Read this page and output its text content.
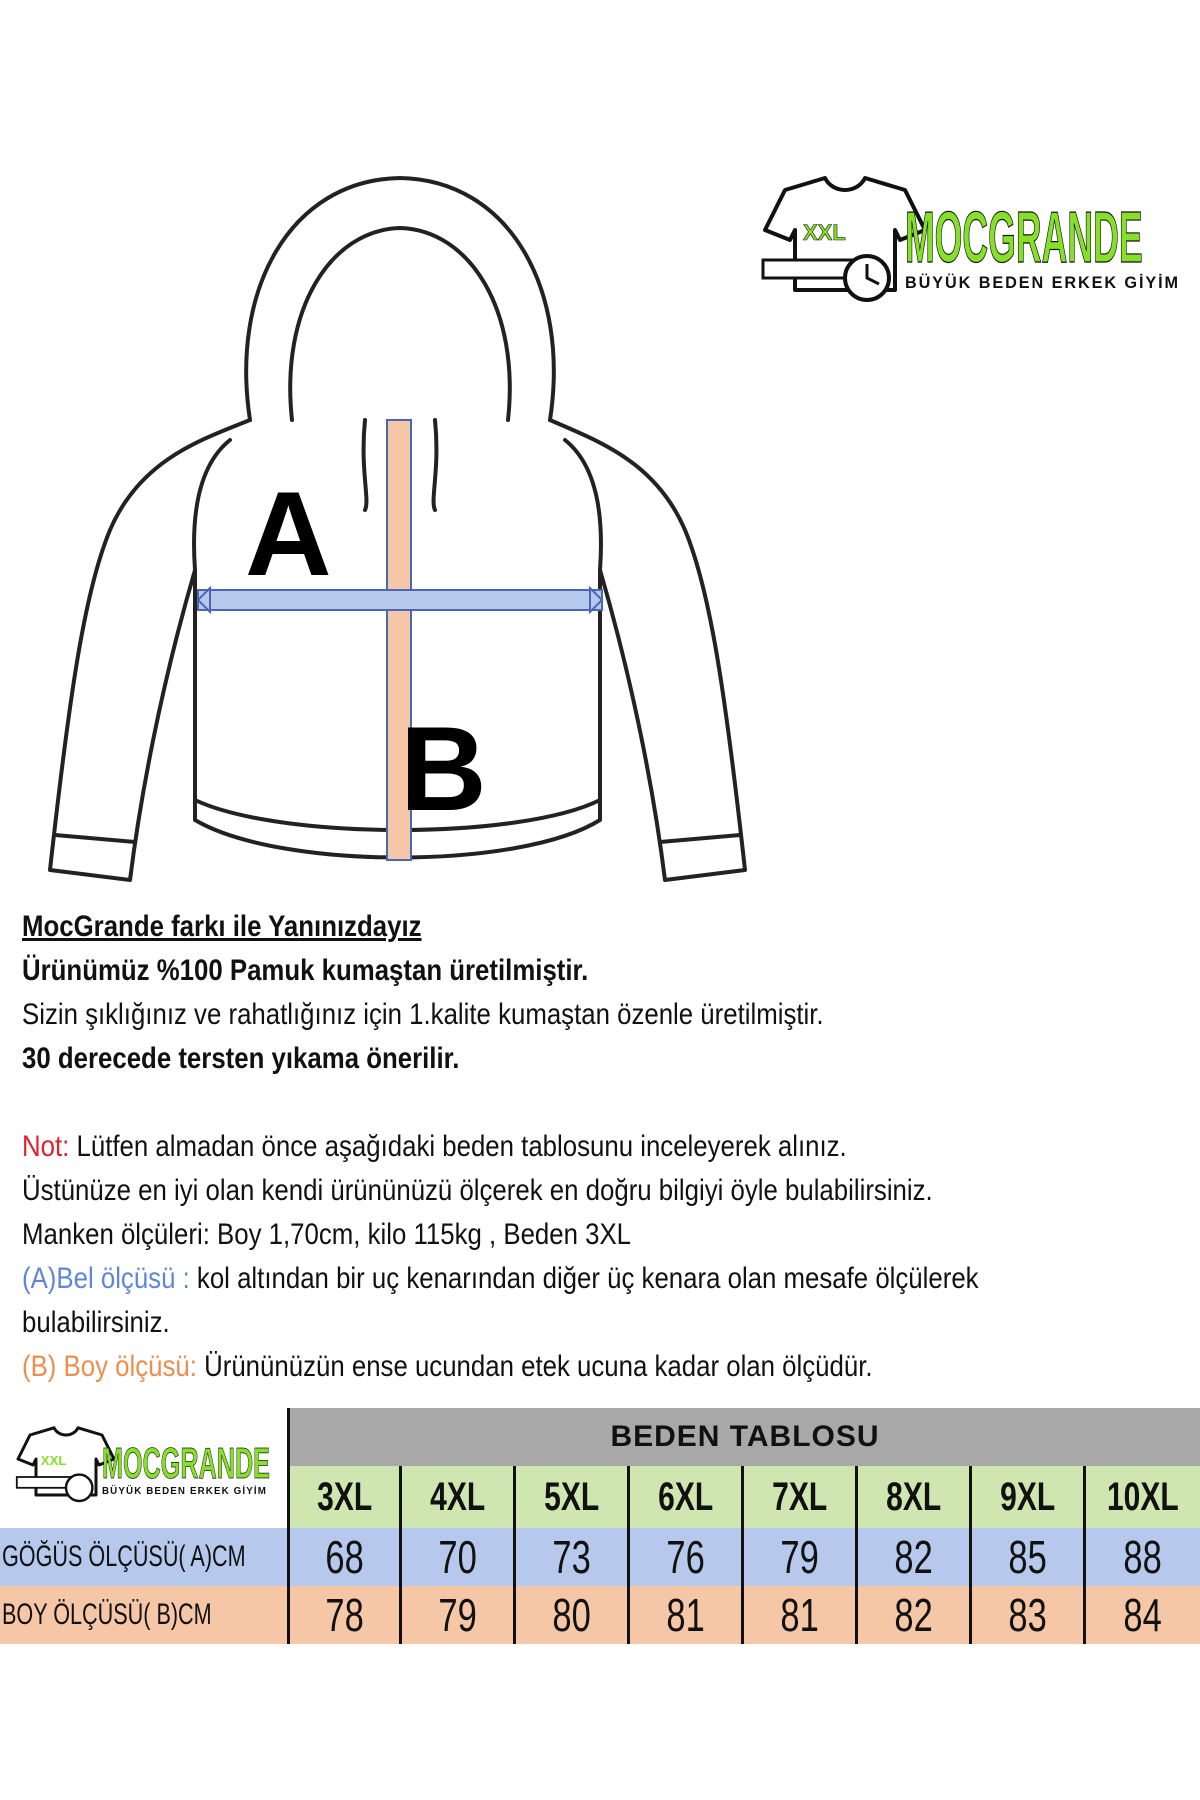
A
B
XXL MOCGRANDE
BÜYÜK BEDEN ERKEK GİYİM

MocGrande farkı ile Yanınızdayız

Ürünümüz %100 Pamuk kumaştan üretilmiştir.

Sizin şıklığınız ve rahatlığınız için 1.kalite kumaştan özenle üretilmiştir.

30 derecede tersten yıkama önerilir.

Not: Lütfen almadan önce aşağıdaki beden tablosunu inceleyerek alınız.

Üstünüze en iyi olan kendi ürününüzü ölçerek en doğru bilgiyi öyle bulabilirsiniz.

Manken ölçüleri: Boy 1,70cm, kilo 115kg , Beden 3XL

(A)Bel ölçüsü : kol altından bir uç kenarından diğer üç kenara olan mesafe ölçülerek

bulabilirsiniz.

(B) Boy ölçüsü: Ürününüzün ense ucundan etek ucuna kadar olan ölçüdür.

XXL MOCGRANDE
BÜYÜK BEDEN ERKEK GİYİM
BEDEN TABLOSU
3XL 4XL 5XL 6XL 7XL 8XL 9XL 10XL
GÖĞÜS ÖLÇÜSÜ( A)CM 68 70 73 76 79 82 85 88
BOY ÖLÇÜSÜ( B)CM 78 79 80 81 81 82 83 84
